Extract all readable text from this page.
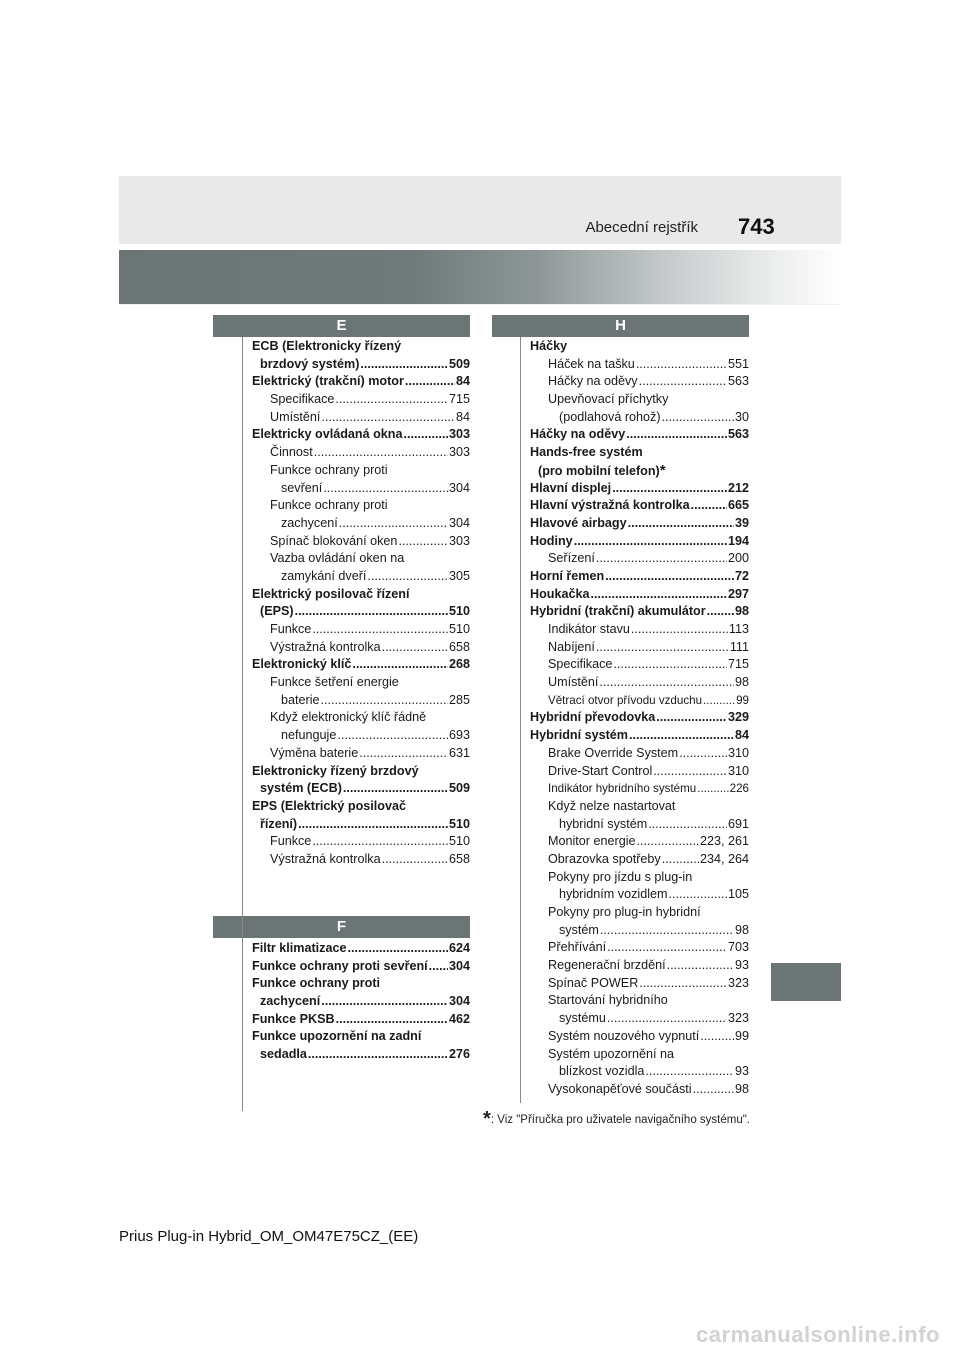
Abecední rejstřík 743
E	H
F
ECB (Elektronicky řízený
brzdový systém) .....	509
Elektrický (trakční) motor .....	84
Specifikace .....	715
Umístění .....	84
Elektricky ovládaná okna .....	303
Činnost .....	303
Funkce ochrany proti
sevření .....	304
Funkce ochrany proti
zachycení .....	304
Spínač blokování oken .....	303
Vazba ovládání oken na
zamykání dveří .....	305
Elektrický posilovač řízení
(EPS) .....	510
Funkce .....	510
Výstražná kontrolka .....	658
Elektronický klíč .....	268
Funkce šetření energie
baterie .....	285
Když elektronický klíč řádně
nefunguje .....	693
Výměna baterie .....	631
Elektronicky řízený brzdový
systém (ECB) .....	509
EPS (Elektrický posilovač
řízení) .....	510
Funkce .....	510
Výstražná kontrolka .....	658
Filtr klimatizace .....	624
Funkce ochrany proti sevření ..... 304
Funkce ochrany proti
zachycení .....	304
Funkce PKSB .....	462
Funkce upozornění na zadní
sedadla .....	276
Háčky
Háček na tašku .....	551
Háčky na oděvy .....	563
Upevňovací příchytky
(podlahová rohož) .....	30
Háčky na oděvy .....	563
Hands-free systém
(pro mobilní telefon) *
Hlavní displej .....	212
Hlavní výstražná kontrolka .....	665
Hlavové airbagy .....	39
Hodiny .....	194
Seřízení .....	200
Horní řemen .....	72
Houkačka .....	297
Hybridní (trakční) akumulátor ..... 98
Indikátor stavu .....	113
Nabíjení .....	111
Specifikace .....	715
Umístění .....	98
Větrací otvor přívodu vzduchu .....	99
Hybridní převodovka .....	329
Hybridní systém .....	84
Brake Override System .....	310
Drive-Start Control .....	310
Indikátor hybridního systému .....	226
Když nelze nastartovat
hybridní systém .....	691
Monitor energie .....	223, 261
Obrazovka spotřeby .....	234, 264
Pokyny pro jízdu s plug-in
hybridním vozidlem .....	105
Pokyny pro plug-in hybridní
systém .....	98
Přehřívání .....	703
Regenerační brzdění .....	93
Spínač POWER .....	323
Startování hybridního
systému .....	323
Systém nouzového vypnutí .....	99
Systém upozornění na
blízkost vozidla .....	93
Vysokonapěťové součásti .....	98
*: Viz "Příručka pro uživatele navigačního systému".
Prius Plug-in Hybrid_OM_OM47E75CZ_(EE)
carmanualsonline.info
